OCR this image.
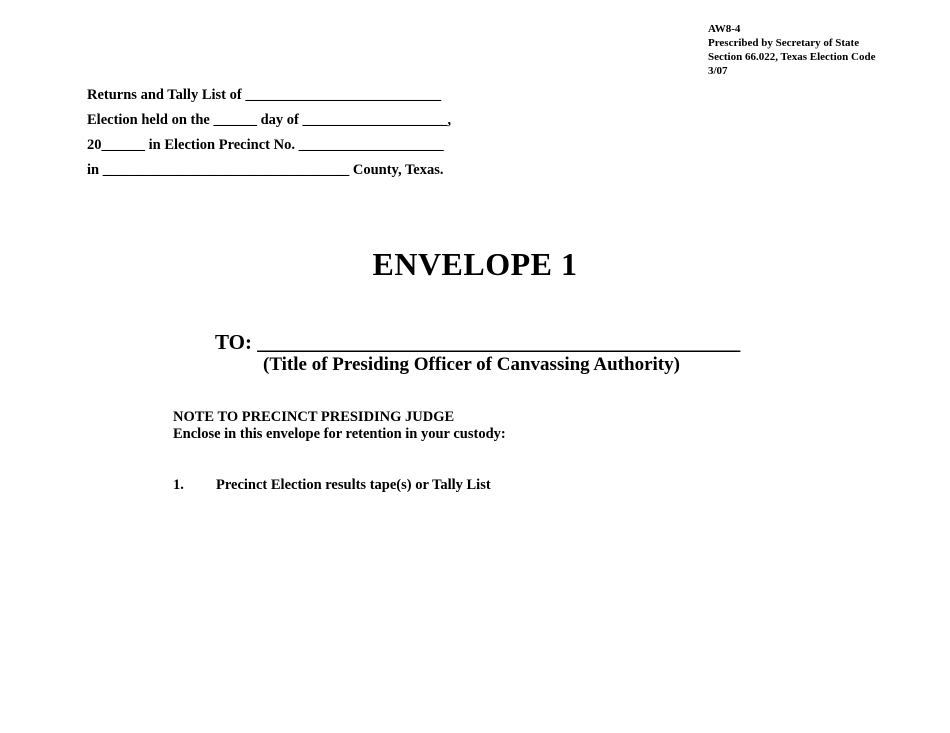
AW8-4
Prescribed by Secretary of State
Section 66.022, Texas Election Code
3/07
Returns and Tally List of ___________________________
Election held on the ______ day of ____________________,
20______ in Election Precinct No. ____________________
in __________________________________ County, Texas.
ENVELOPE 1
TO: ______________________________________________
(Title of Presiding Officer of Canvassing Authority)
NOTE TO PRECINCT PRESIDING JUDGE
Enclose in this envelope for retention in your custody:
1. Precinct Election results tape(s) or Tally List
